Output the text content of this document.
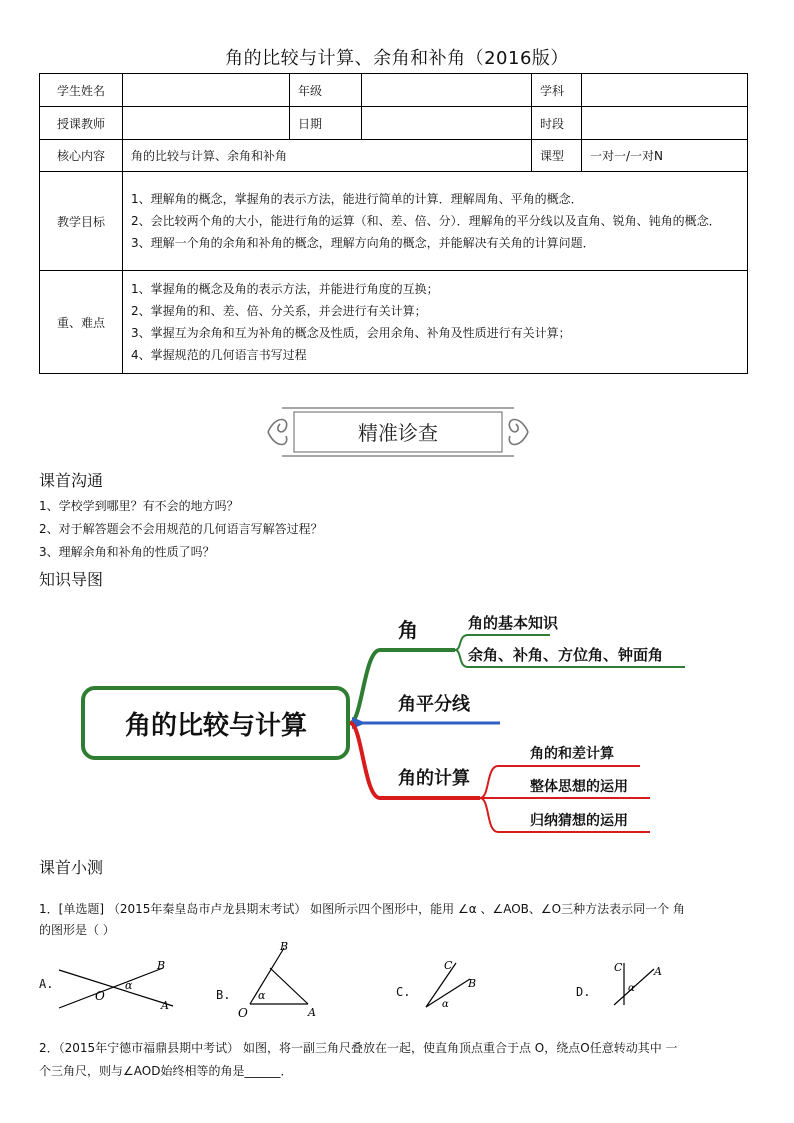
角的比较与计算、余角和补角（2016版）
学生姓名		年级		学科	
授课教师		日期		时段	
核心内容	角的比较与计算、余角和补角			课型	一对一/一对N
教学目标	1、理解角的概念，掌握角的表示方法，能进行简单的计算．理解周角、平角的概念．
2、会比较两个角的大小，能进行角的运算（和、差、倍、分）．理解角的平分线以及直角、锐角、钝角的概念．
3、理解一个角的余角和补角的概念，理解方向角的概念，并能解决有关角的计算问题．				

重、难点	1、掌握角的概念及角的表示方法，并能进行角度的互换；
2、掌握角的和、差、倍、分关系，并会进行有关计算；
3、掌握互为余角和互为补角的概念及性质，会用余角、补角及性质进行有关计算；
4、掌握规范的几何语言书写过程				
精准诊查
课首沟通
1、学校学到哪里？有不会的地方吗？
2、对于解答题会不会用规范的几何语言写解答过程？
3、理解余角和补角的性质了吗？
知识导图
角的比较与计算
角	角的基本知识
余角、补角、方位角、钟面角
角平分线
角的计算
角的和差计算
整体思想的运用
归纳猜想的运用
课首小测
1．[单选题] （2015年秦皇岛市卢龙县期末考试） 如图所示四个图形中，能用 ∠α 、∠AOB、∠O三种方法表示同一个 角
的图形是（ ）
A.
O
B
α
A
B.
B
O	A
α	C.
C
B
α
D.
C	A
α
2．（2015年宁德市福鼎县期中考试） 如图，将一副三角尺叠放在一起，使直角顶点重合于点 O，绕点O任意转动其中 一
个三角尺，则与∠AOD始终相等的角是______．
